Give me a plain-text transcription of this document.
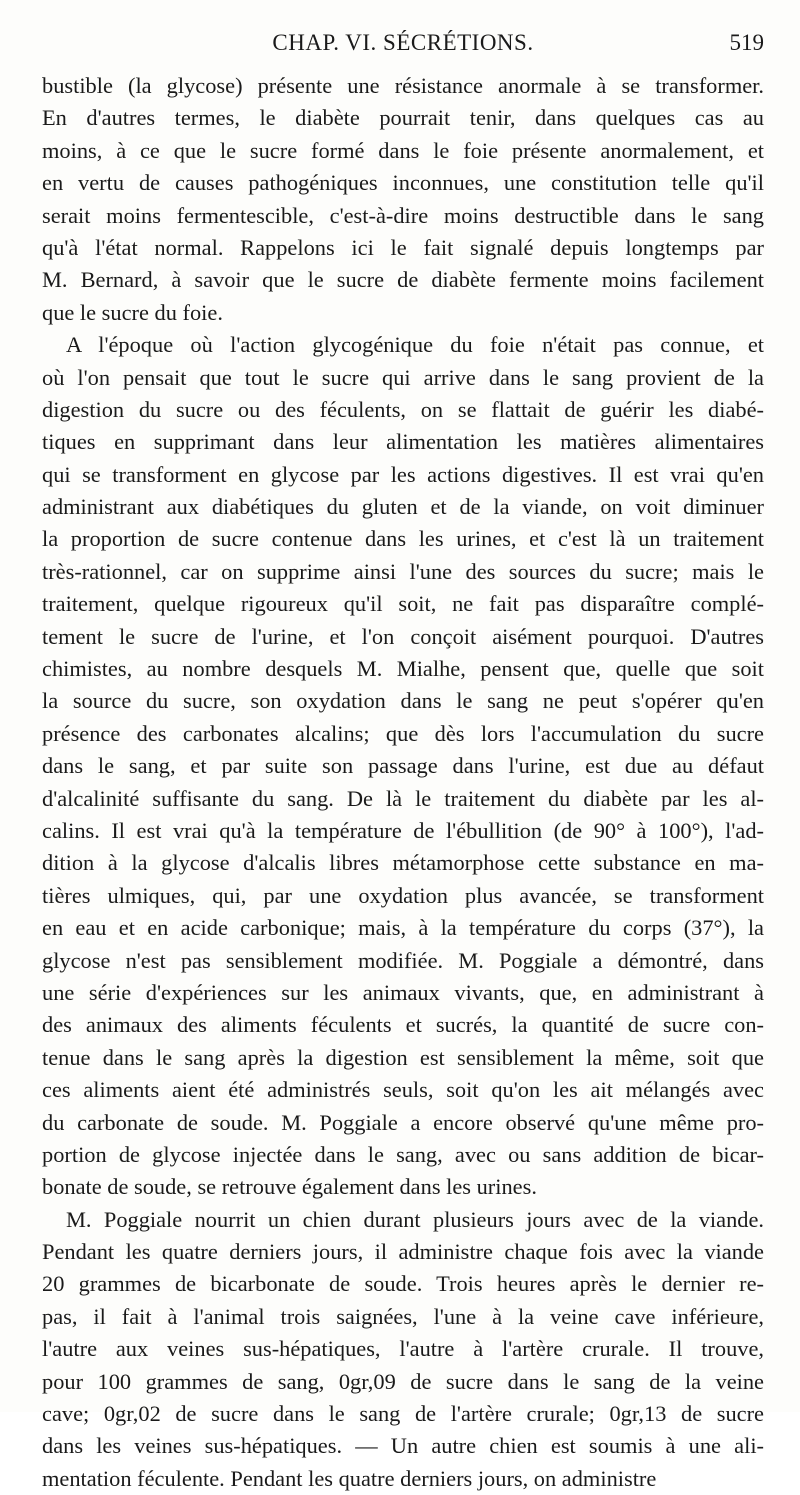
CHAP. VI. SÉCRÉTIONS.	519
bustible (la glycose) présente une résistance anormale à se transformer.
En d'autres termes, le diabète pourrait tenir, dans quelques cas au
moins, à ce que le sucre formé dans le foie présente anormalement, et
en vertu de causes pathogéniques inconnues, une constitution telle qu'il
serait moins fermentescible, c'est-à-dire moins destructible dans le sang
qu'à l'état normal. Rappelons ici le fait signalé depuis longtemps par
M. Bernard, à savoir que le sucre de diabète fermente moins facilement
que le sucre du foie.
A l'époque où l'action glycogénique du foie n'était pas connue, et
où l'on pensait que tout le sucre qui arrive dans le sang provient de la
digestion du sucre ou des féculents, on se flattait de guérir les diabé-
tiques en supprimant dans leur alimentation les matières alimentaires
qui se transforment en glycose par les actions digestives. Il est vrai qu'en
administrant aux diabétiques du gluten et de la viande, on voit diminuer
la proportion de sucre contenue dans les urines, et c'est là un traitement
très-rationnel, car on supprime ainsi l'une des sources du sucre; mais le
traitement, quelque rigoureux qu'il soit, ne fait pas disparaître complé-
tement le sucre de l'urine, et l'on conçoit aisément pourquoi. D'autres
chimistes, au nombre desquels M. Mialhe, pensent que, quelle que soit
la source du sucre, son oxydation dans le sang ne peut s'opérer qu'en
présence des carbonates alcalins; que dès lors l'accumulation du sucre
dans le sang, et par suite son passage dans l'urine, est due au défaut
d'alcalinité suffisante du sang. De là le traitement du diabète par les al-
calins. Il est vrai qu'à la température de l'ébullition (de 90° à 100°), l'ad-
dition à la glycose d'alcalis libres métamorphose cette substance en ma-
tières ulmiques, qui, par une oxydation plus avancée, se transforment
en eau et en acide carbonique; mais, à la température du corps (37°), la
glycose n'est pas sensiblement modifiée. M. Poggiale a démontré, dans
une série d'expériences sur les animaux vivants, que, en administrant à
des animaux des aliments féculents et sucrés, la quantité de sucre con-
tenue dans le sang après la digestion est sensiblement la même, soit que
ces aliments aient été administrés seuls, soit qu'on les ait mélangés avec
du carbonate de soude. M. Poggiale a encore observé qu'une même pro-
portion de glycose injectée dans le sang, avec ou sans addition de bicar-
bonate de soude, se retrouve également dans les urines.
M. Poggiale nourrit un chien durant plusieurs jours avec de la viande.
Pendant les quatre derniers jours, il administre chaque fois avec la viande
20 grammes de bicarbonate de soude. Trois heures après le dernier re-
pas, il fait à l'animal trois saignées, l'une à la veine cave inférieure,
l'autre aux veines sus-hépatiques, l'autre à l'artère crurale. Il trouve,
pour 100 grammes de sang, 0gr,09 de sucre dans le sang de la veine
cave; 0gr,02 de sucre dans le sang de l'artère crurale; 0gr,13 de sucre
dans les veines sus-hépatiques. — Un autre chien est soumis à une ali-
mentation féculente. Pendant les quatre derniers jours, on administre
